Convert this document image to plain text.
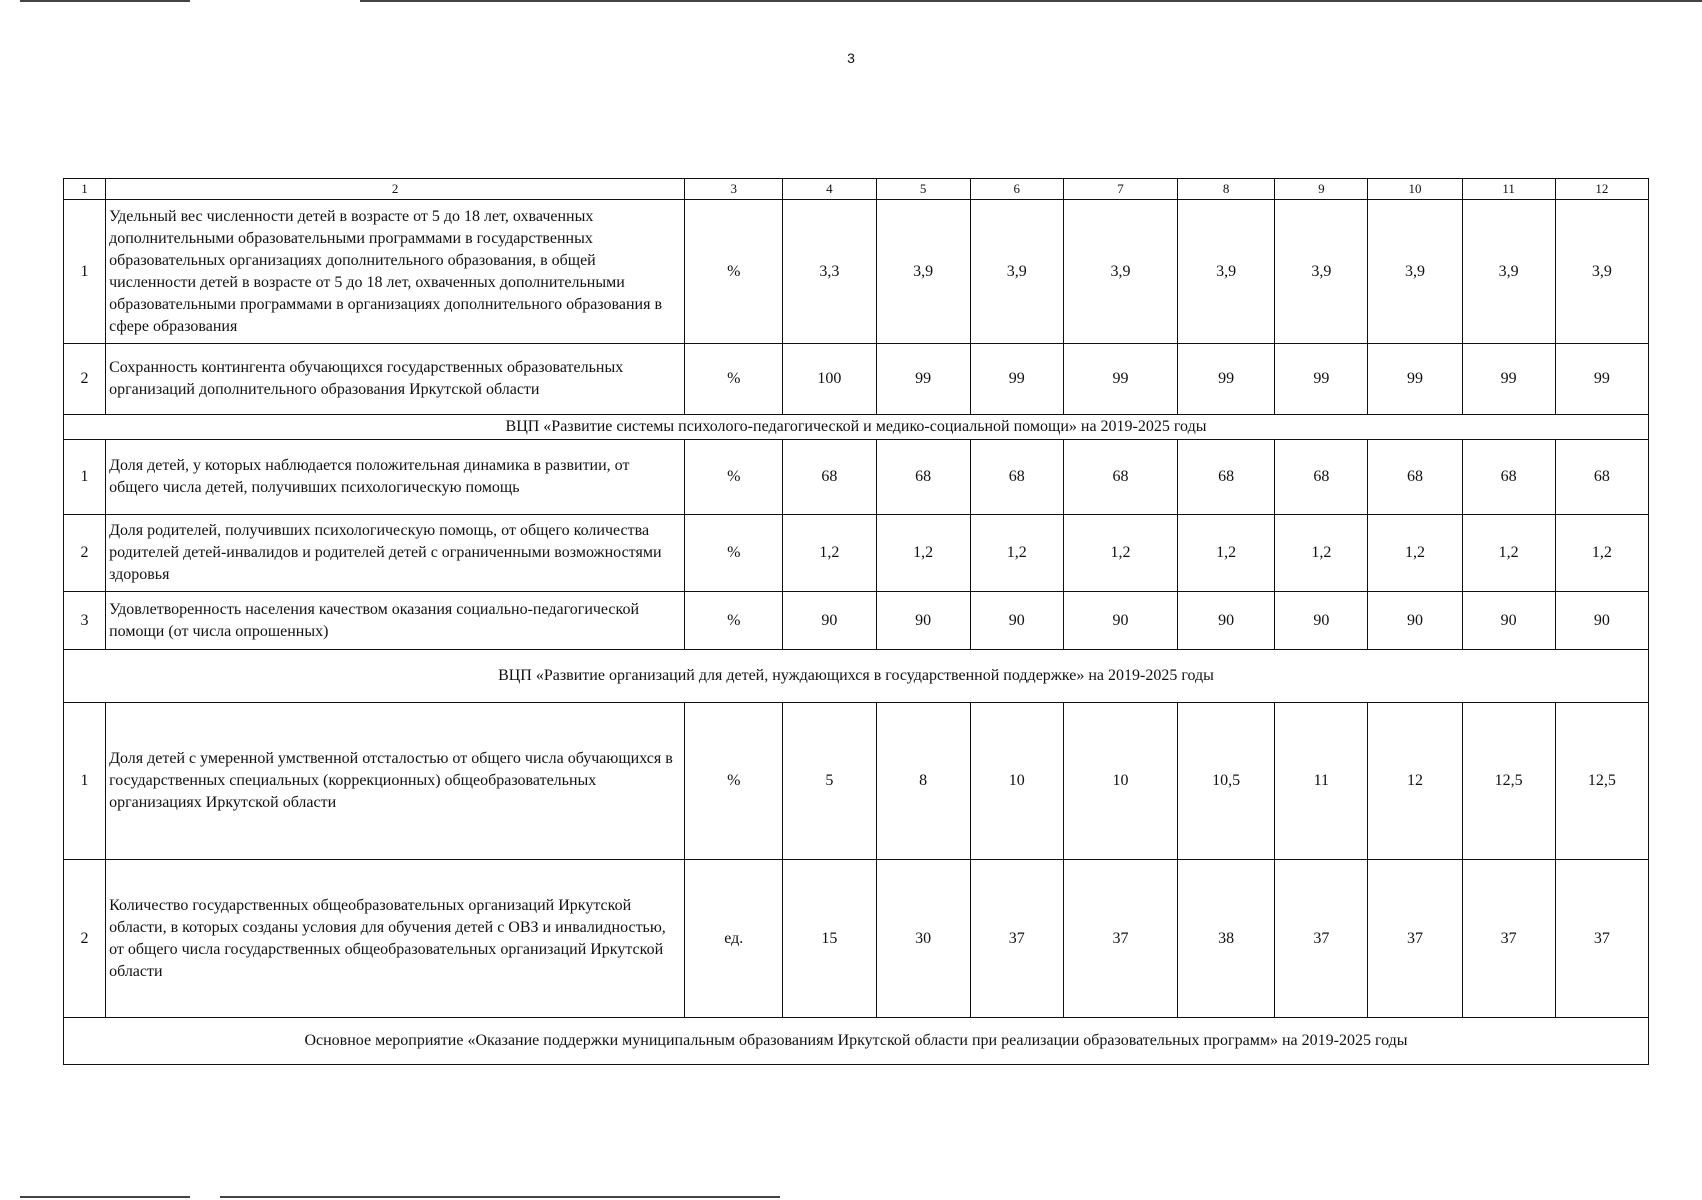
3
1	2	3	4	5	6	7	8	9	10	11	12
1	Удельный вес численности детей в возрасте от 5 до 18 лет, охваченных дополнительными образовательными программами в государственных образовательных организациях дополнительного образования, в общей численности детей в возрасте от 5 до 18 лет, охваченных дополнительными образовательными программами в организациях дополнительного образования в сфере образования	%	3,3	3,9	3,9	3,9	3,9	3,9	3,9	3,9	3,9
2	Сохранность контингента обучающихся государственных образовательных организаций дополнительного образования Иркутской области	%	100	99	99	99	99	99	99	99	99
ВЦП «Развитие системы психолого-педагогической и медико-социальной помощи» на 2019-2025 годы											
1	Доля детей, у которых наблюдается положительная динамика в развитии, от общего числа детей, получивших психологическую помощь	%	68	68	68	68	68	68	68	68	68
2	Доля родителей, получивших психологическую помощь, от общего количества родителей детей-инвалидов и родителей детей с ограниченными возможностями здоровья	%	1,2	1,2	1,2	1,2	1,2	1,2	1,2	1,2	1,2
3	Удовлетворенность населения качеством оказания социально-педагогической помощи (от числа опрошенных)	%	90	90	90	90	90	90	90	90	90
ВЦП «Развитие организаций для детей, нуждающихся в государственной поддержке» на 2019-2025 годы											
1	Доля детей с умеренной умственной отсталостью от общего числа обучающихся в государственных специальных (коррекционных) общеобразовательных организациях Иркутской области	%	5	8	10	10	10,5	11	12	12,5	12,5
2	Количество государственных общеобразовательных организаций Иркутской области, в которых созданы условия для обучения детей с ОВЗ и инвалидностью, от общего числа государственных общеобразовательных организаций Иркутской области	ед.	15	30	37	37	38	37	37	37	37
Основное мероприятие «Оказание поддержки муниципальным образованиям Иркутской области при реализации образовательных программ» на 2019-2025 годы											
